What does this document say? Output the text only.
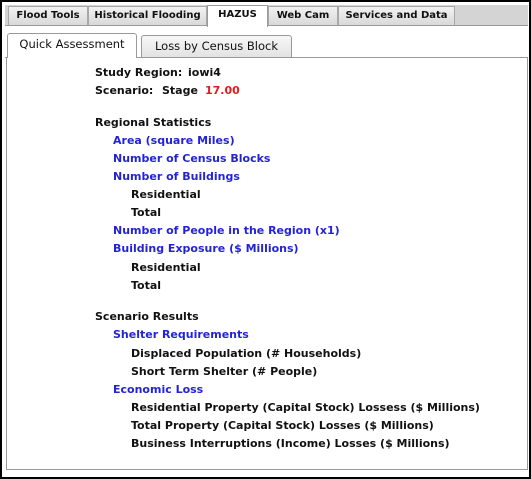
Flood Tools	Historical Flooding	HAZUS	Web Cam	Services and Data
Quick Assessment	Loss by Census Block
Study Region: iowi4
Scenario: Stage 17.00
Regional Statistics
Area (square Miles)
Number of Census Blocks
Number of Buildings
Residential
Total
Number of People in the Region (x1)
Building Exposure ($ Millions)
Residential
Total
Scenario Results
Shelter Requirements
Displaced Population (# Households)
Short Term Shelter (# People)
Economic Loss
Residential Property (Capital Stock) Lossess ($ Millions)
Total Property (Capital Stock) Losses ($ Millions)
Business Interruptions (Income) Losses ($ Millions)
